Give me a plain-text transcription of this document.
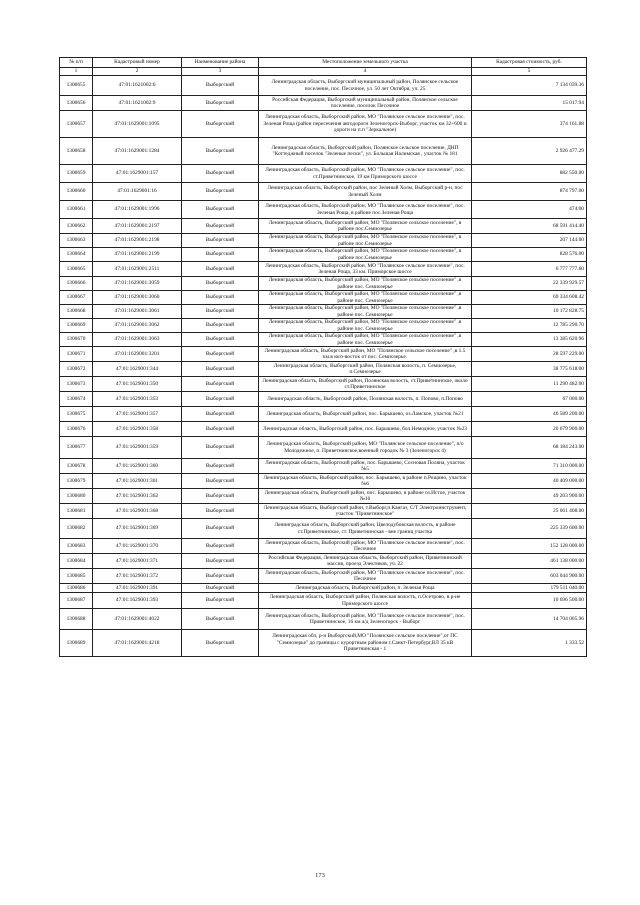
№ п/п	Кадастровый номер	Наименование района	Местоположение земельного участка	Кадастровая стоимость, руб.
1	2	3	4	5
1300655	47:01:1621002:6	Выборгский	Ленинградская область, Выборгский муниципальный район, Полянское сельское поселение, пос. Песочное, ул. 50 лет Октября, уч. 25	7 134 039.36
1300656	47:01:1621002:9	Выборгский	Российская Федерация, Выборгский муниципальный район, Полянское сельское поселение, поселок Песочное	15 017.94
1300657	47:01:1629001:1095	Выборгский	Ленинградская область, Выборгский район, МО "Полянское сельское поселение", пос. Зеленая Роща (район пересечения автодороги Зеленогорск-Выборг, участок км 32+600 и дороги на п.п "Зеркальное)	374 161.88
1300658	47:01:1629001:1284	Выборгский	Ленинградская область, Выборгский район, Полянское сельское поселение, ДНП "Коттеджный поселок "Зеленые пески", ул. Большая Налимская , участок № 181	2 926 477.29
1300659	47:01:1629001:157	Выборгский	Ленинградская область, Выборгский район, МО "Полянское сельское поселение", пос. ст.Приветнинское, 19 км Приморского шоссе	882 550.00
1300660	47:01:1629001:16	Выборгский	Ленинградская область, Выборгский район, пос Зеленый Холм, Выборгский р-н, пос Зеленый Холм	874 797.00
1300661	47:01:1629001:1996	Выборгский	Ленинградская область, Выборгский район, МО "Полянское сельское поселение", пос. Зеленая Роща, в районе пос.Зеленая Роща	474.00
1300662	47:01:1629001:2197	Выборгский	Ленинградская область, Выборгский район, МО "Полянское сельское поселение", в районе пос.Семиозерье	68 591 414.40
1300663	47:01:1629001:2198	Выборгский	Ленинградская область, Выборгский район, МО "Полянское сельское поселение", в районе пос.Семиозерье	207 144.00
1300664	47:01:1629001:2199	Выборгский	Ленинградская область, Выборгский район, МО "Полянское сельское поселение", в районе пос.Семиозерье	828 576.00
1300665	47:01:1629001:2511	Выборгский	Ленинградская область, Выборгский район, МО "Полянское сельское поселение", пос. Зеленая Роща, 33 км. Приморское шоссе	6 777 777.60
1300666	47:01:1629001:3059	Выборгский	Ленинградская область, Выборгский район, МО "Полянское сельское поселение" ,в районе пос. Семиозерье	22 339 929.57
1300667	47:01:1629001:3060	Выборгский	Ленинградская область, Выборгский район, МО "Полянское сельское поселение" ,в районе пос. Семиозерье	69 334 608.42
1300668	47:01:1629001:3061	Выборгский	Ленинградская область, Выборгский район, МО "Полянское сельское поселение" ,в районе пос. Семиозерье	10 172 828.75
1300669	47:01:1629001:3062	Выборгский	Ленинградская область, Выборгский район, МО "Полянское сельское поселение" ,в районе пос. Семиозерье	12 785 290.70
1300670	47:01:1629001:3063	Выборгский	Ленинградская область, Выборгский район, МО "Полянское сельское поселение" ,в районе пос. Семиозерье	13 385 620.96
1300671	47:01:1629001:3201	Выборгский	Ленинградская область, Выборгский район, МО "Полянское сельское поселение" ,в 1.5 км.в юго-восток от пос. Семиозерье.	28 597 229.00
1300672	47:01:1629001:344	Выборгский	Ленинградская область, Выборгский район, Полянская волость, п. Семиозерье, п.Семиозерье	38 775 618.00
1300673	47:01:1629001:350	Выборгский	Ленинградская область, Выборгский район, Полянская волость, ст.Приветнинское, около ст.Приветнинское	11 290 482.00
1300674	47:01:1629001:353	Выборгский	Ленинградская область, Выборгский район, Полянская волость, п. Попово, п.Попово	67 000.00
1300675	47:01:1629001:357	Выборгский	Ленинградская область, Выборгский район, пос. Барышево, оз.Ламское, участок №21	46 589 200.00
1300676	47:01:1629001:358	Выборгский	Ленинградская область, Выборгский район, пос. Барышево, бол.Немодное, участок №23	20 679 900.00
1300677	47:01:1629001:359	Выборгский	Ленинградская область, Выборгский район, МО "Полянское сельское поселение", п/о Молодежное, п. Приветнинское,военный городок № 3 (Зеленогорск 4)	68 184 243.00
1300678	47:01:1629001:360	Выборгский	Ленинградская область, Выборгский район, пос. Барышево, Сосновая Поляна, участок №5	71 310 000.00
1300679	47:01:1629001:361	Выборгский	Ленинградская область, Выборгский район, пос. Барышево, в районе п.Рощино, участок №6	40 409 000.00
1300680	47:01:1629001:362	Выборгский	Ленинградская область, Выборгский район, пос. Барышево, в районе оз.Истое, участок №16	49 203 900.00
1300681	47:01:1629001:368	Выборгский	Ленинградская область, Выборгский район, т.Выборг,п.Кангаз, С/Т Электроинструмент, участок "Приветнинское"	25 061 408.00
1300682	47:01:1629001:369	Выборгский	Ленинградская область, Выборгский район, Цвелодубовская волость, в районе ст.Приветнинское, ст. Приветнинская - вне границ участка	225 339 600.00
1300683	47:01:1629001:370	Выборгский	Ленинградская область, Выборгский район, МО "Полянское сельское поселение", пос. Песочное	152 128 000.00
1300684	47:01:1629001:371	Выборгский	Российская Федерация, Ленинградская область, Выборгский район, Приветнинский массив, проезд Электиков, уч. 22	461 138 000.00
1300685	47:01:1629001:372	Выборгский	Ленинградская область, Выборгский район, МО "Полянское сельское поселение", пос. Песочное	603 044 900.00
1300686	47:01:1629001:391	Выборгский	Ленинградская область, Выборгский район, п. Зеленая Роща	179 511 040.00
1300687	47:01:1629001:393	Выборгский	Ленинградская область, Выборгский район, Полянская волость, п.Осетрово, в р-не Приморского шоссе	10 696 500.00
1300688	47:01:1629001:4022	Выборгский	Ленинградская область, Выборгский район, МО "Полянское сельское поселение", пос. Приветнинское, 16 км а/д Зеленогорск - Выборг	14 704 005.96
1300689	47:01:1629001:4218	Выборгский	Ленинградская обл, р-н Выборгский,МО "Полянское сельское поселение",от ПС "Семиозерье" до границы с курортным районом г.Санкт-Петербург,ВЛ 35 кВ Приветнинская - 1	1 333.52
173
